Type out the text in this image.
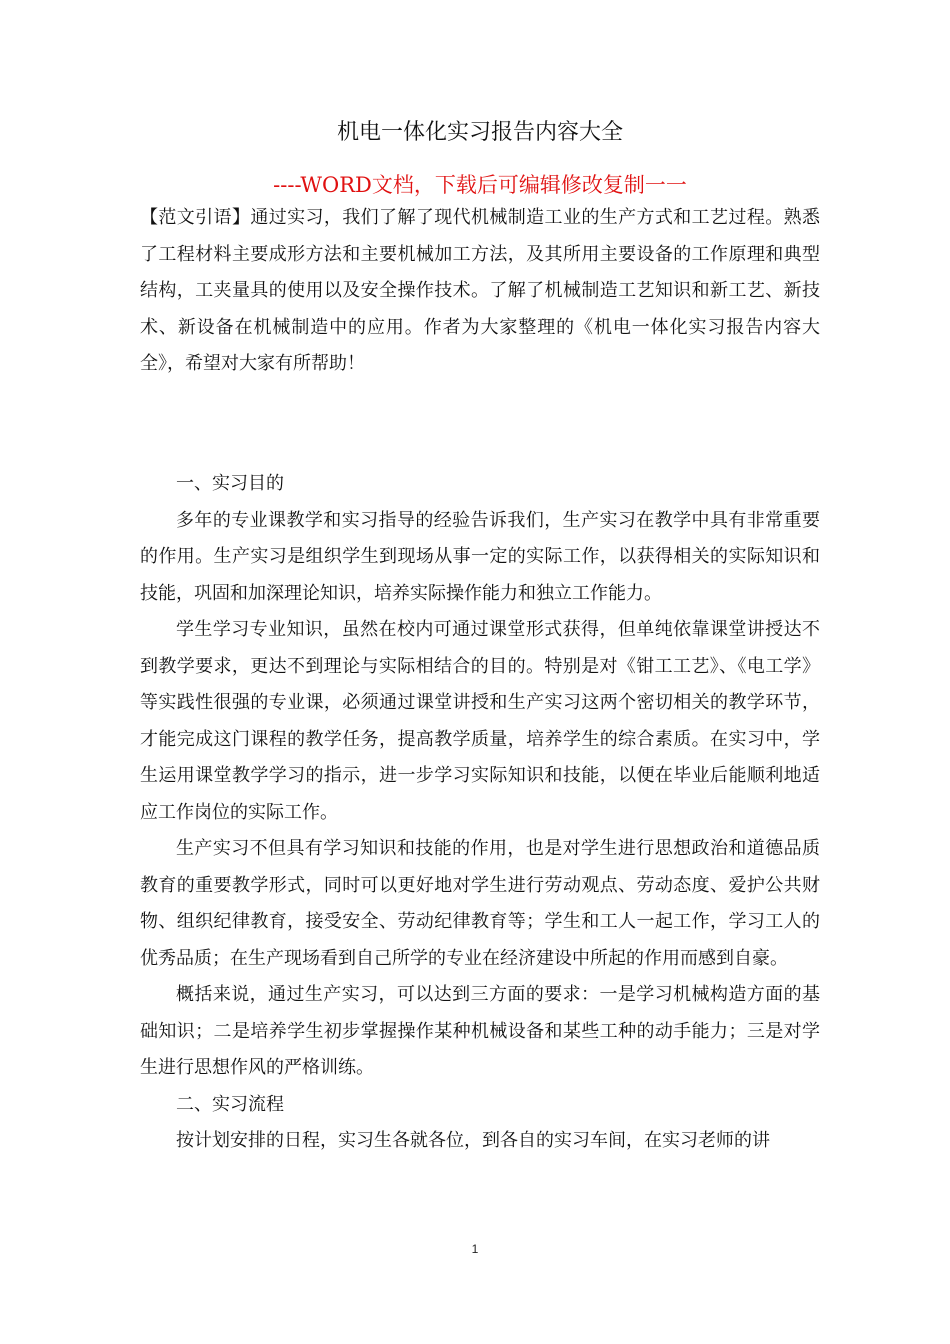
机电一体化实习报告内容大全
----WORD文档，下载后可编辑修改复制一一

【范文引语】通过实习，我们了解了现代机械制造工业的生产方式和工艺过程。熟悉了工程材料主要成形方法和主要机械加工方法，及其所用主要设备的工作原理和典型结构，工夹量具的使用以及安全操作技术。了解了机械制造工艺知识和新工艺、新技术、新设备在机械制造中的应用。作者为大家整理的《机电一体化实习报告内容大全》，希望对大家有所帮助！

一、实习目的

多年的专业课教学和实习指导的经验告诉我们，生产实习在教学中具有非常重要的作用。生产实习是组织学生到现场从事一定的实际工作，以获得相关的实际知识和技能，巩固和加深理论知识，培养实际操作能力和独立工作能力。

学生学习专业知识，虽然在校内可通过课堂形式获得，但单纯依靠课堂讲授达不到教学要求，更达不到理论与实际相结合的目的。特别是对《钳工工艺》、《电工学》等实践性很强的专业课，必须通过课堂讲授和生产实习这两个密切相关的教学环节，才能完成这门课程的教学任务，提高教学质量，培养学生的综合素质。在实习中，学生运用课堂教学学习的指示，进一步学习实际知识和技能，以便在毕业后能顺利地适应工作岗位的实际工作。

生产实习不但具有学习知识和技能的作用，也是对学生进行思想政治和道德品质教育的重要教学形式，同时可以更好地对学生进行劳动观点、劳动态度、爱护公共财物、组织纪律教育，接受安全、劳动纪律教育等；学生和工人一起工作，学习工人的优秀品质；在生产现场看到自己所学的专业在经济建设中所起的作用而感到自豪。

概括来说，通过生产实习，可以达到三方面的要求：一是学习机械构造方面的基础知识；二是培养学生初步掌握操作某种机械设备和某些工种的动手能力；三是对学生进行思想作风的严格训练。

二、实习流程

按计划安排的日程，实习生各就各位，到各自的实习车间，在实习老师的讲

1
